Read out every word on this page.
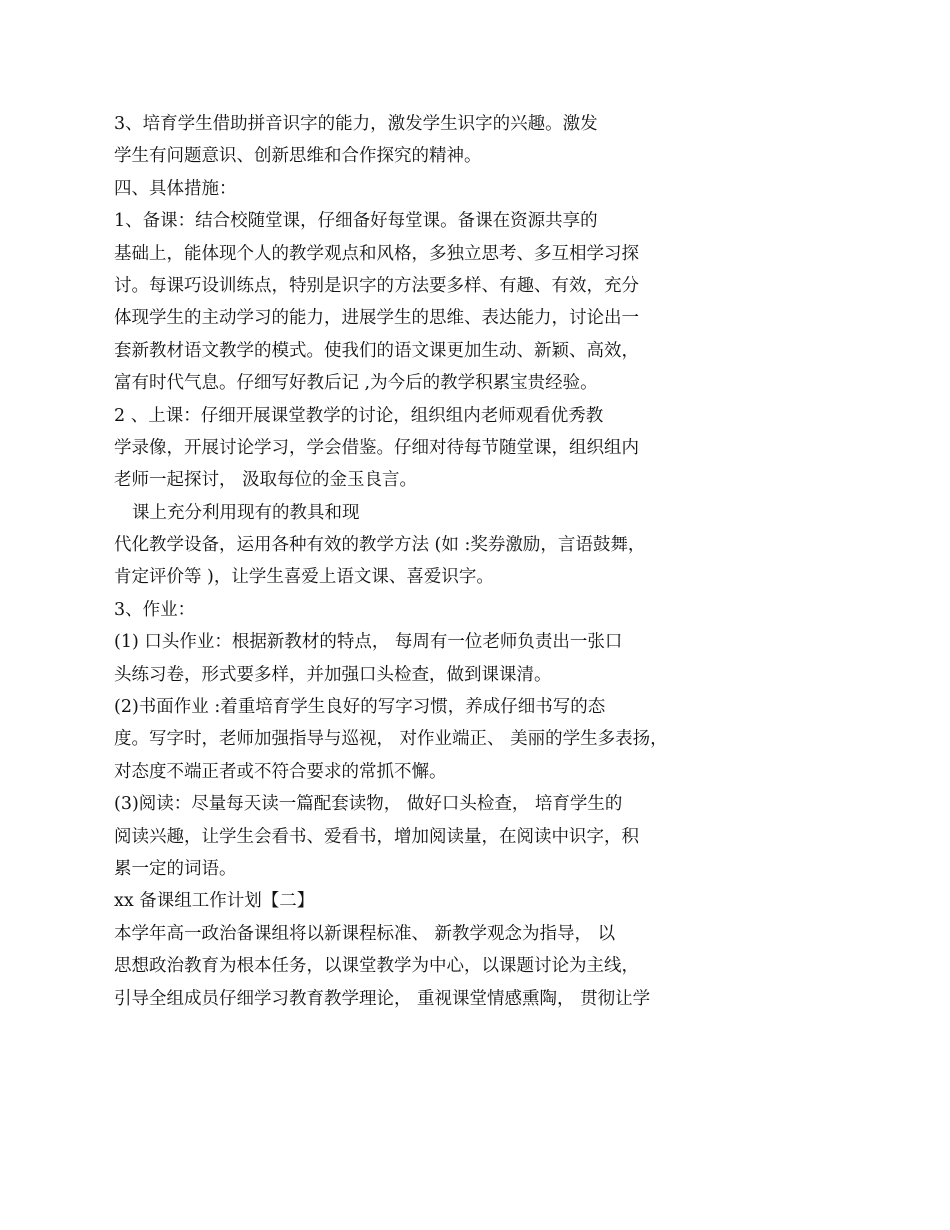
3、培育学生借助拼音识字的能力，激发学生识字的兴趣。激发
学生有问题意识、创新思维和合作探究的精神。
四、具体措施：
1、备课：结合校随堂课，仔细备好每堂课。备课在资源共享的
基础上，能体现个人的教学观点和风格，多独立思考、多互相学习探
讨。每课巧设训练点，特别是识字的方法要多样、有趣、有效，充分
体现学生的主动学习的能力，进展学生的思维、表达能力，讨论出一
套新教材语文教学的模式。使我们的语文课更加生动、新颖、高效，
富有时代气息。仔细写好教后记 ,为今后的教学积累宝贵经验。
2 、上课：仔细开展课堂教学的讨论，组织组内老师观看优秀教
学录像，开展讨论学习，学会借鉴。仔细对待每节随堂课，组织组内
老师一起探讨， 汲取每位的金玉良言。
课上充分利用现有的教具和现
代化教学设备，运用各种有效的教学方法 (如 :奖券激励，言语鼓舞，
肯定评价等 )，让学生喜爱上语文课、喜爱识字。
3、作业：
(1) 口头作业：根据新教材的特点， 每周有一位老师负责出一张口
头练习卷，形式要多样，并加强口头检查，做到课课清。
(2)书面作业 :着重培育学生良好的写字习惯，养成仔细书写的态
度。写字时，老师加强指导与巡视， 对作业端正、 美丽的学生多表扬，
对态度不端正者或不符合要求的常抓不懈。
(3)阅读：尽量每天读一篇配套读物， 做好口头检查， 培育学生的
阅读兴趣，让学生会看书、爱看书，增加阅读量，在阅读中识字，积
累一定的词语。
xx 备课组工作计划【二】
本学年高一政治备课组将以新课程标准、 新教学观念为指导， 以
思想政治教育为根本任务，以课堂教学为中心，以课题讨论为主线，
引导全组成员仔细学习教育教学理论， 重视课堂情感熏陶， 贯彻让学
